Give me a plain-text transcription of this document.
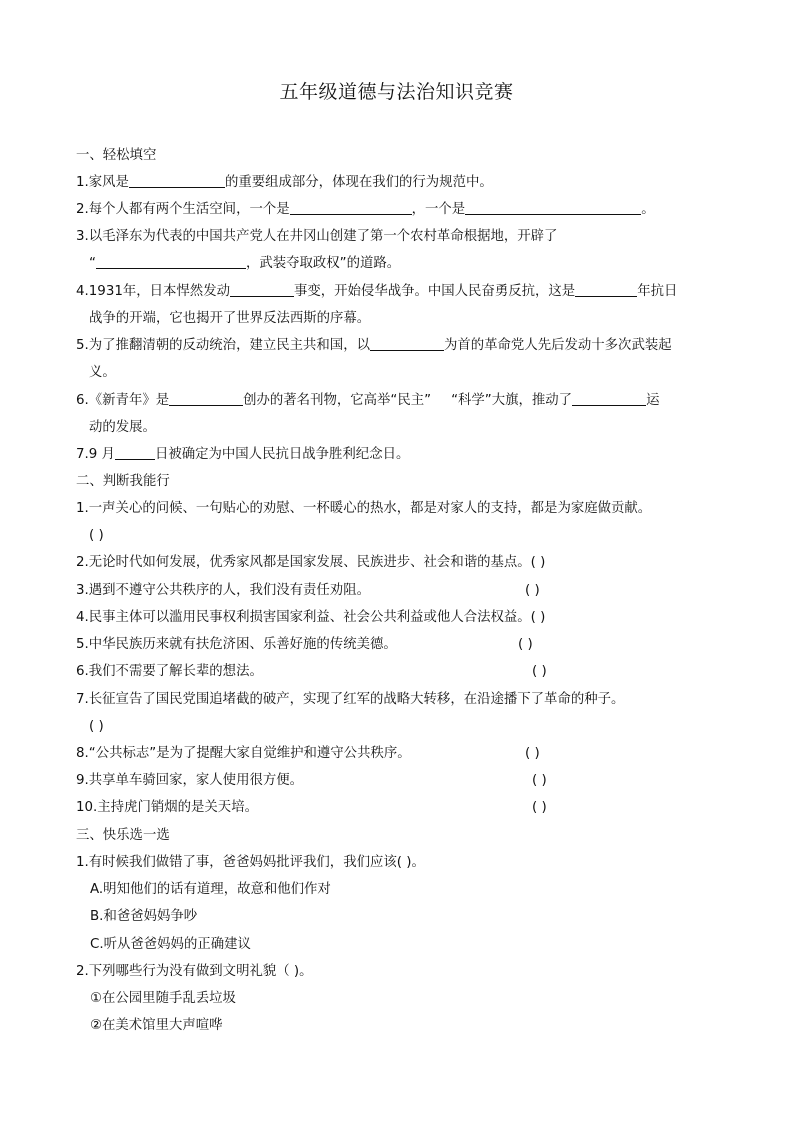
五年级道德与法治知识竞赛
一、轻松填空
1.家风是	的重要组成部分，体现在我们的行为规范中。
2.每个人都有两个生活空间，一个是	，一个是	。
3.以毛泽东为代表的中国共产党人在井冈山创建了第一个农村革命根据地，开辟了
“	，武装夺取政权”的道路。
4.1931年，日本悍然发动	事变，开始侵华战争。中国人民奋勇反抗，这是	年抗日
战争的开端，它也揭开了世界反法西斯的序幕。
5.为了推翻清朝的反动统治，建立民主共和国，以	为首的革命党人先后发动十多次武装起
义。
6.《新青年》是	创办的著名刊物，它高举“民主” “科学”大旗，推动了	运
动的发展。
7.9 月	日被确定为中国人民抗日战争胜利纪念日。
二、判断我能行
1.一声关心的问候、一句贴心的劝慰、一杯暖心的热水，都是对家人的支持，都是为家庭做贡献。
( )
2.无论时代如何发展，优秀家风都是国家发展、民族进步、社会和谐的基点。( )
3.遇到不遵守公共秩序的人，我们没有责任劝阻。	( )
4.民事主体可以滥用民事权利损害国家利益、社会公共利益或他人合法权益。( )
5.中华民族历来就有扶危济困、乐善好施的传统美德。	( )
6.我们不需要了解长辈的想法。	( )
7.长征宣告了国民党围追堵截的破产，实现了红军的战略大转移，在沿途播下了革命的种子。
( )
8.“公共标志”是为了提醒大家自觉维护和遵守公共秩序。	( )
9.共享单车骑回家，家人使用很方便。	( )
10.主持虎门销烟的是关天培。	( )
三、快乐选一选
1.有时候我们做错了事，爸爸妈妈批评我们，我们应该( )。
A.明知他们的话有道理，故意和他们作对
B.和爸爸妈妈争吵
C.听从爸爸妈妈的正确建议
2.下列哪些行为没有做到文明礼貌（ )。
①在公园里随手乱丢垃圾
②在美术馆里大声喧哗
